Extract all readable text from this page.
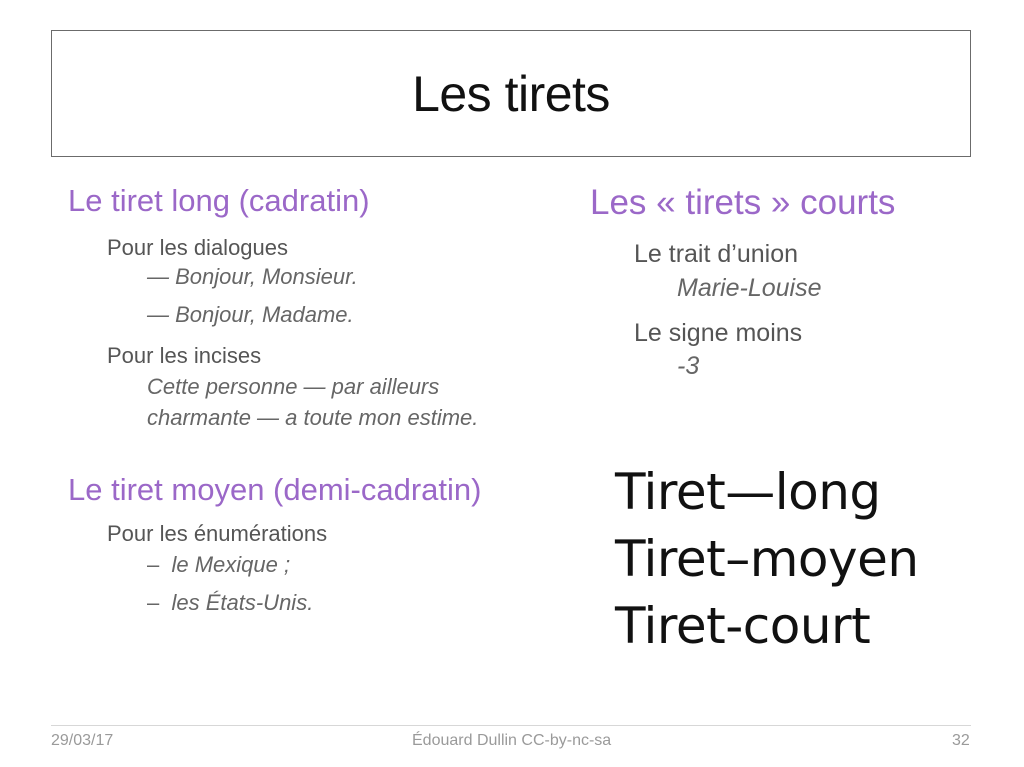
Les tirets
Le tiret long (cadratin)
Pour les dialogues
— Bonjour, Monsieur.
— Bonjour, Madame.
Pour les incises
Cette personne — par ailleurs
charmante — a toute mon estime.
Le tiret moyen (demi-cadratin)
Pour les énumérations
– le Mexique ;
– les États-Unis.
Les « tirets » courts
Le trait d’union
Marie-Louise
Le signe moins
-3
Tiret—long
Tiret–moyen
Tiret-court
29/03/17	Édouard Dullin CC-by-nc-sa	32
